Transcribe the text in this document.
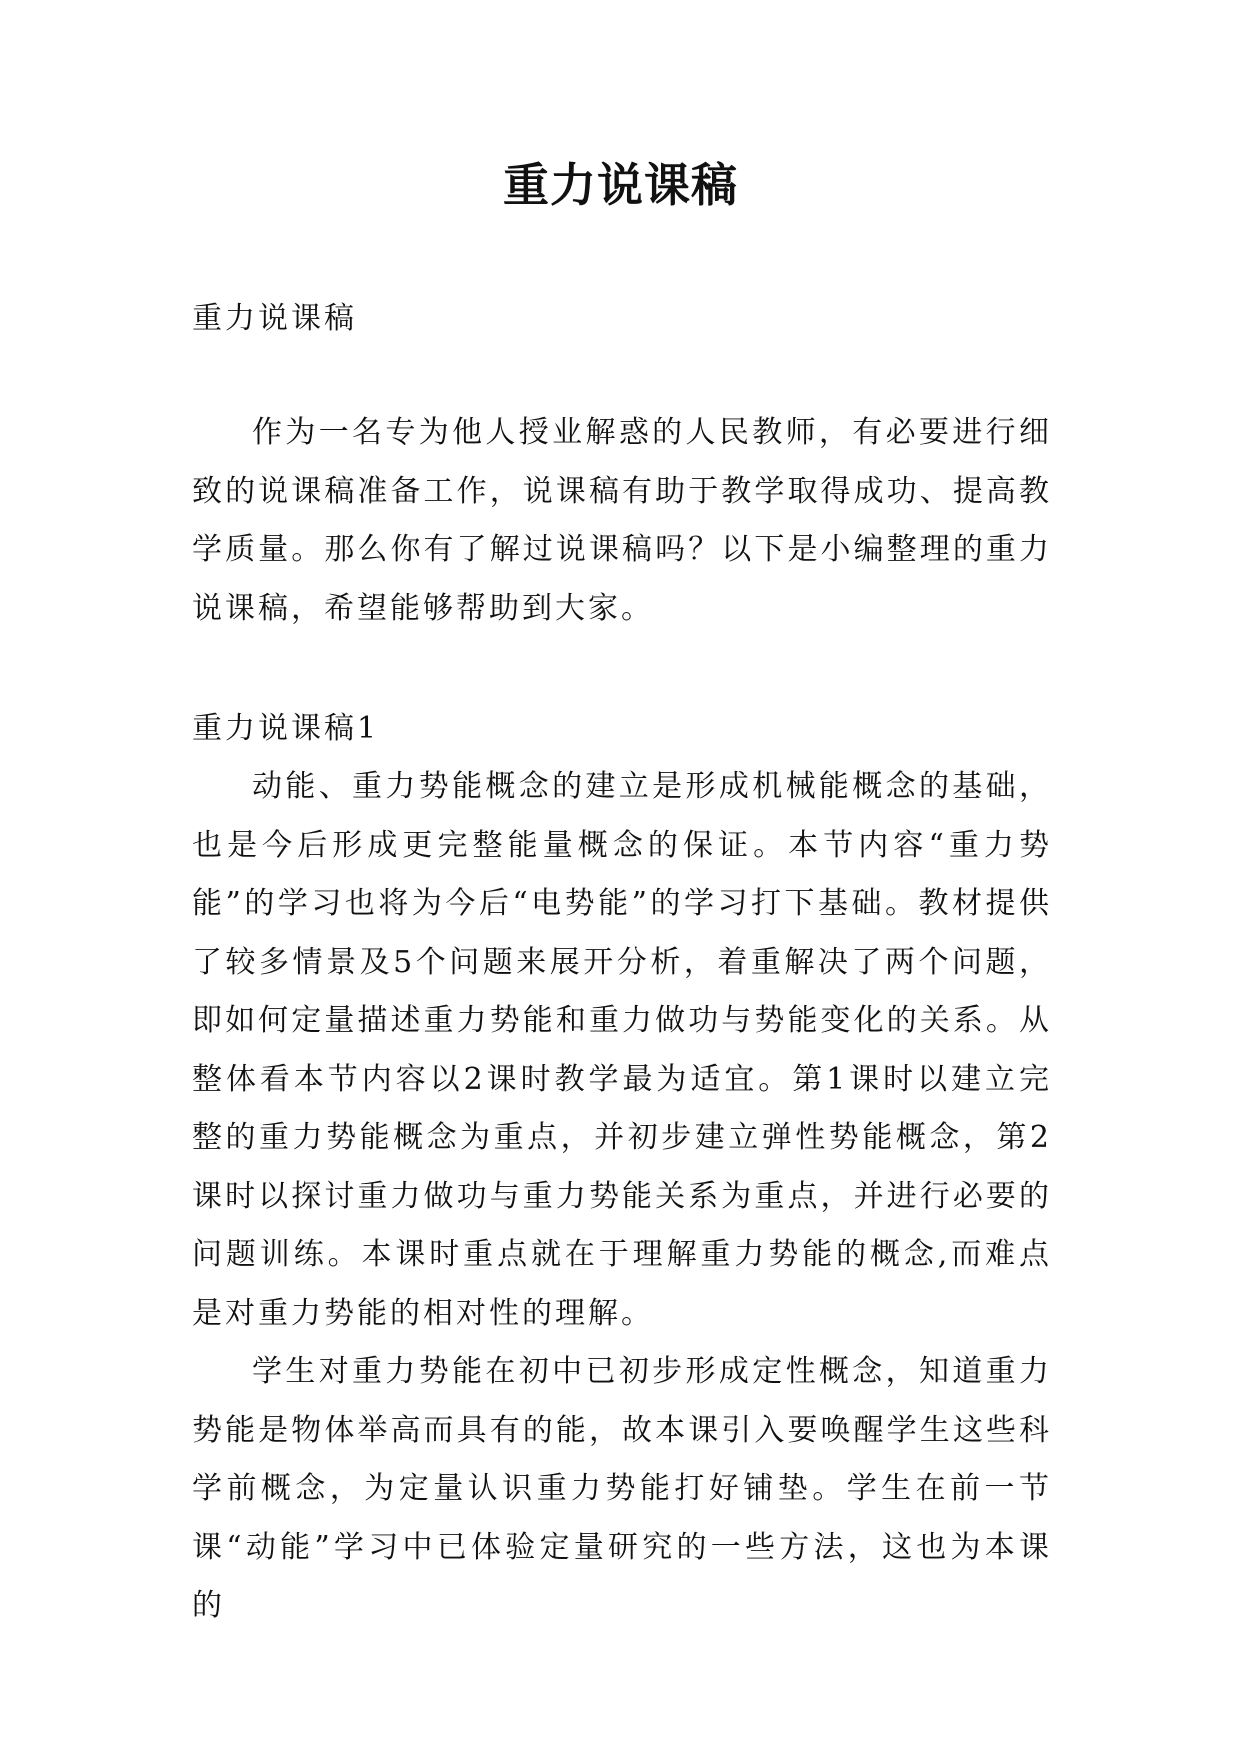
重力说课稿
重力说课稿

作为一名专为他人授业解惑的人民教师，有必要进行细致的说课稿准备工作，说课稿有助于教学取得成功、提高教学质量。那么你有了解过说课稿吗？以下是小编整理的重力说课稿，希望能够帮助到大家。

重力说课稿1

动能、重力势能概念的建立是形成机械能概念的基础，也是今后形成更完整能量概念的保证。本节内容“重力势能”的学习也将为今后“电势能”的学习打下基础。教材提供了较多情景及5个问题来展开分析，着重解决了两个问题，即如何定量描述重力势能和重力做功与势能变化的关系。从整体看本节内容以2课时教学最为适宜。第1课时以建立完整的重力势能概念为重点，并初步建立弹性势能概念，第2课时以探讨重力做功与重力势能关系为重点，并进行必要的问题训练。本课时重点就在于理解重力势能的概念,而难点是对重力势能的相对性的理解。

学生对重力势能在初中已初步形成定性概念，知道重力势能是物体举高而具有的能，故本课引入要唤醒学生这些科学前概念，为定量认识重力势能打好铺垫。学生在前一节课“动能”学习中已体验定量研究的一些方法，这也为本课的
